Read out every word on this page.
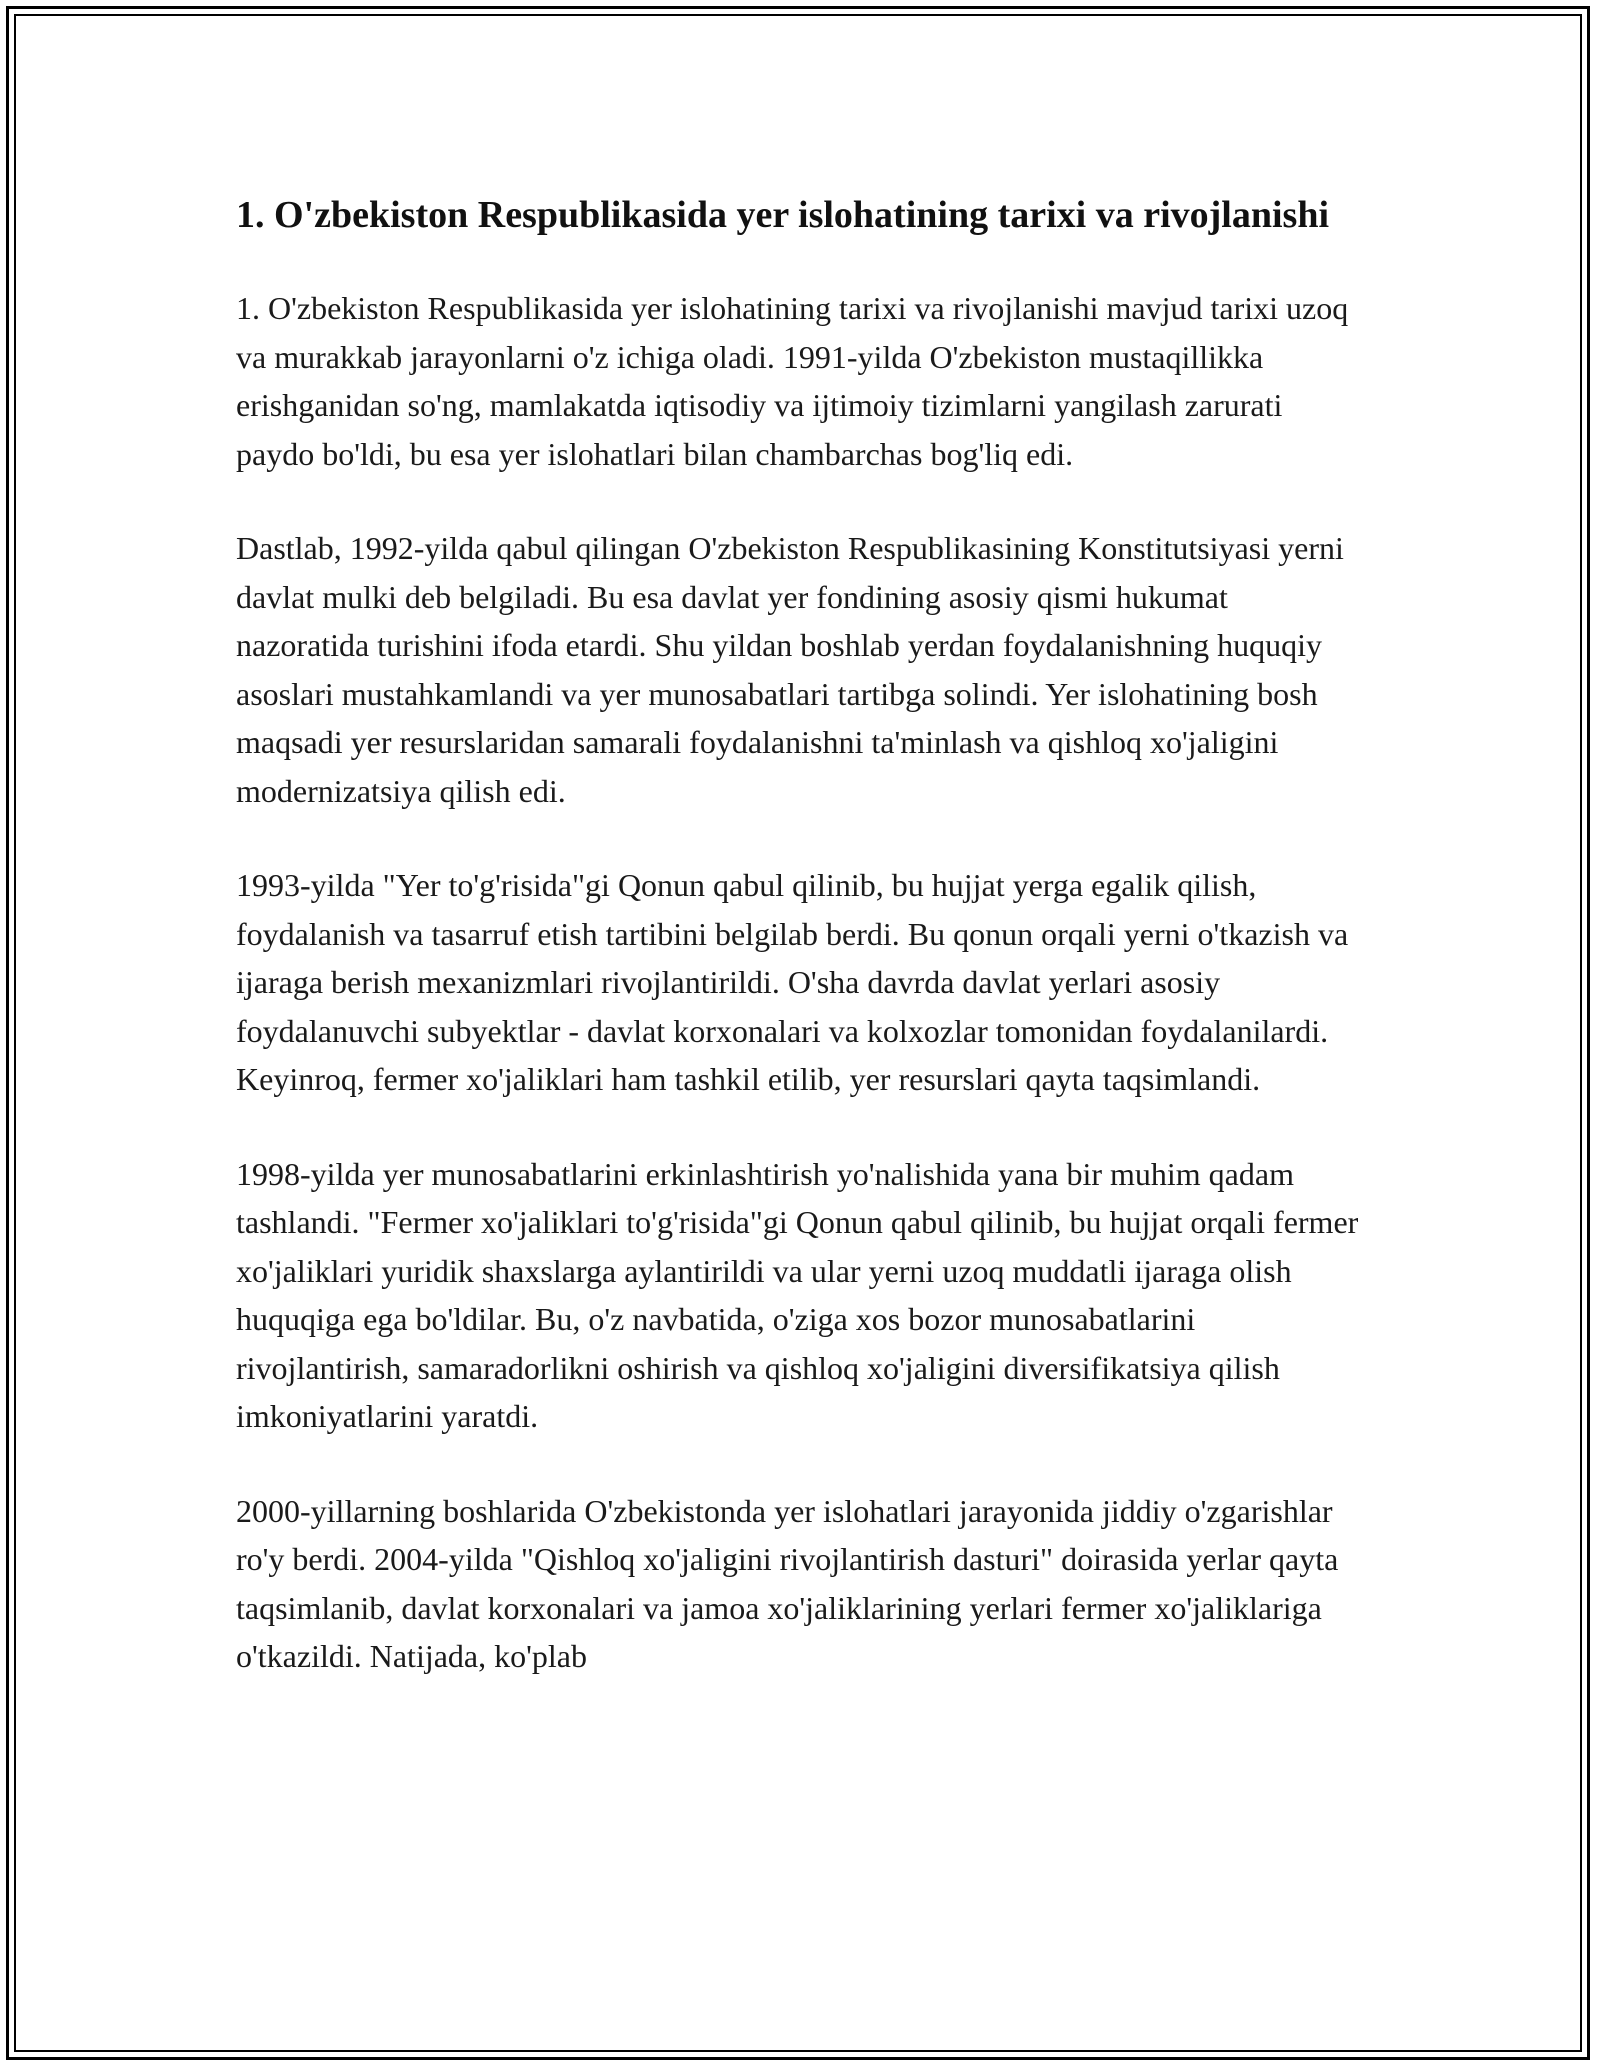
1. O'zbekiston Respublikasida yer islohatining tarixi va rivojlanishi

1. O'zbekiston Respublikasida yer islohatining tarixi va rivojlanishi mavjud tarixi uzoq va murakkab jarayonlarni o'z ichiga oladi. 1991-yilda O'zbekiston mustaqillikka erishganidan so'ng, mamlakatda iqtisodiy va ijtimoiy tizimlarni yangilash zarurati paydo bo'ldi, bu esa yer islohatlari bilan chambarchas bog'liq edi.

Dastlab, 1992-yilda qabul qilingan O'zbekiston Respublikasining Konstitutsiyasi yerni davlat mulki deb belgiladi. Bu esa davlat yer fondining asosiy qismi hukumat nazoratida turishini ifoda etardi. Shu yildan boshlab yerdan foydalanishning huquqiy asoslari mustahkamlandi va yer munosabatlari tartibga solindi. Yer islohatining bosh maqsadi yer resurslaridan samarali foydalanishni ta'minlash va qishloq xo'jaligini modernizatsiya qilish edi.

1993-yilda "Yer to'g'risida"gi Qonun qabul qilinib, bu hujjat yerga egalik qilish, foydalanish va tasarruf etish tartibini belgilab berdi. Bu qonun orqali yerni o'tkazish va ijaraga berish mexanizmlari rivojlantirildi. O'sha davrda davlat yerlari asosiy foydalanuvchi subyektlar - davlat korxonalari va kolxozlar tomonidan foydalanilardi. Keyinroq, fermer xo'jaliklari ham tashkil etilib, yer resurslari qayta taqsimlandi.

1998-yilda yer munosabatlarini erkinlashtirish yo'nalishida yana bir muhim qadam tashlandi. "Fermer xo'jaliklari to'g'risida"gi Qonun qabul qilinib, bu hujjat orqali fermer xo'jaliklari yuridik shaxslarga aylantirildi va ular yerni uzoq muddatli ijaraga olish huquqiga ega bo'ldilar. Bu, o'z navbatida, o'ziga xos bozor munosabatlarini rivojlantirish, samaradorlikni oshirish va qishloq xo'jaligini diversifikatsiya qilish imkoniyatlarini yaratdi.

2000-yillarning boshlarida O'zbekistonda yer islohatlari jarayonida jiddiy o'zgarishlar ro'y berdi. 2004-yilda "Qishloq xo'jaligini rivojlantirish dasturi" doirasida yerlar qayta taqsimlanib, davlat korxonalari va jamoa xo'jaliklarining yerlari fermer xo'jaliklariga o'tkazildi. Natijada, ko'plab
